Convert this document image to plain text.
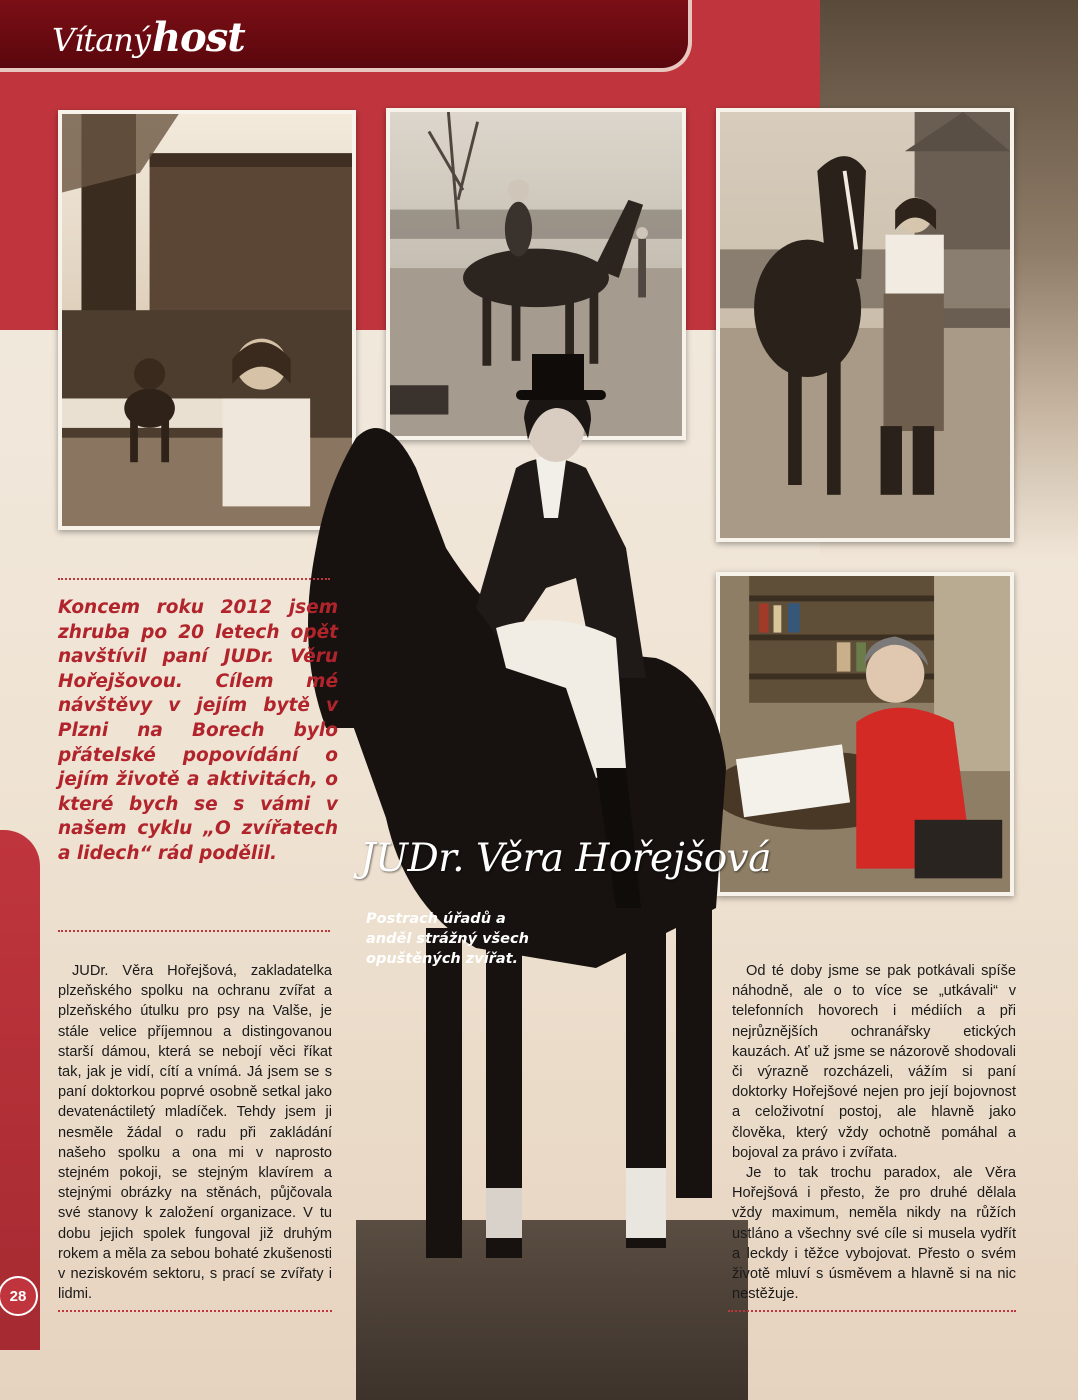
Vítaný host
28
Koncem roku 2012 jsem zhruba po 20 letech opět navštívil paní JUDr. Věru Hořejšovou. Cílem mé návštěvy v jejím bytě v Plzni na Borech bylo přátelské popovídání o jejím životě a aktivitách, o které bych se s vámi v našem cyklu „O zvířatech a lidech“ rád podělil.	JUDr. Věra Hořejšová
Postrach úřadů a anděl strážný všech opuštěných zvířat.

JUDr. Věra Hořejšová, zakladatelka plzeňského spolku na ochranu zvířat a plzeňského útulku pro psy na Valše, je stále velice příjemnou a distingovanou starší dámou, která se nebojí věci říkat tak, jak je vidí, cítí a vnímá. Já jsem se s paní doktorkou poprvé osobně setkal jako devatenáctiletý mladíček. Tehdy jsem ji nesměle žádal o radu při zakládání našeho spolku a ona mi v naprosto stejném pokoji, se stejným klavírem a stejnými obrázky na stěnách, půjčovala své stanovy k založení organizace. V tu dobu jejich spolek fungoval již druhým rokem a měla za sebou bohaté zkušenosti v neziskovém sektoru, s prací se zvířaty i lidmi.

Od té doby jsme se pak potkávali spíše náhodně, ale o to více se „utkávali“ v telefonních hovorech i médiích a při nejrůznějších ochranářsky etických kauzách. Ať už jsme se názorově shodovali či výrazně rozcházeli, vážím si paní doktorky Hořejšové nejen pro její bojovnost a celoživotní postoj, ale hlavně jako člověka, který vždy ochotně pomáhal a bojoval za právo i zvířata.

Je to tak trochu paradox, ale Věra Hořejšová i přesto, že pro druhé dělala vždy maximum, neměla nikdy na růžích ustláno a všechny své cíle si musela vydřít a leckdy i těžce vybojovat. Přesto o svém životě mluví s úsměvem a hlavně si na nic nestěžuje.
